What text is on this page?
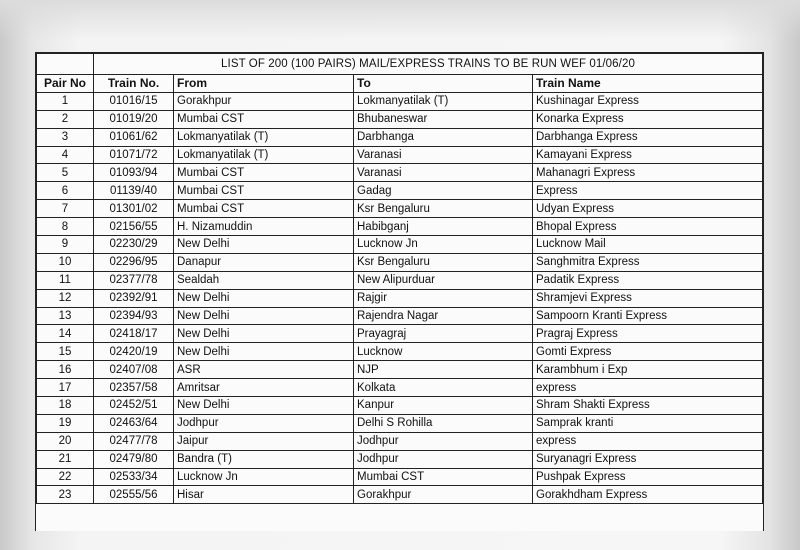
	LIST OF 200 (100 PAIRS) MAIL/EXPRESS TRAINS TO BE RUN WEF 01/06/20			
Pair No	Train No.	From	To	Train Name
1	01016/15	Gorakhpur	Lokmanyatilak (T)	Kushinagar Express
2	01019/20	Mumbai CST	Bhubaneswar	Konarka Express
3	01061/62	Lokmanyatilak (T)	Darbhanga	Darbhanga Express
4	01071/72	Lokmanyatilak (T)	Varanasi	Kamayani Express
5	01093/94	Mumbai CST	Varanasi	Mahanagri Express
6	01139/40	Mumbai CST	Gadag	Express
7	01301/02	Mumbai CST	Ksr Bengaluru	Udyan Express
8	02156/55	H. Nizamuddin	Habibganj	Bhopal Express
9	02230/29	New Delhi	Lucknow Jn	Lucknow Mail
10	02296/95	Danapur	Ksr Bengaluru	Sanghmitra Express
11	02377/78	Sealdah	New Alipurduar	Padatik Express
12	02392/91	New Delhi	Rajgir	Shramjevi Express
13	02394/93	New Delhi	Rajendra Nagar	Sampoorn Kranti Express
14	02418/17	New Delhi	Prayagraj	Pragraj Express
15	02420/19	New Delhi	Lucknow	Gomti Express
16	02407/08	ASR	NJP	Karambhum i Exp
17	02357/58	Amritsar	Kolkata	express
18	02452/51	New Delhi	Kanpur	Shram Shakti Express
19	02463/64	Jodhpur	Delhi S Rohilla	Samprak kranti
20	02477/78	Jaipur	Jodhpur	express
21	02479/80	Bandra (T)	Jodhpur	Suryanagri Express
22	02533/34	Lucknow Jn	Mumbai CST	Pushpak Express
23	02555/56	Hisar	Gorakhpur	Gorakhdham Express
